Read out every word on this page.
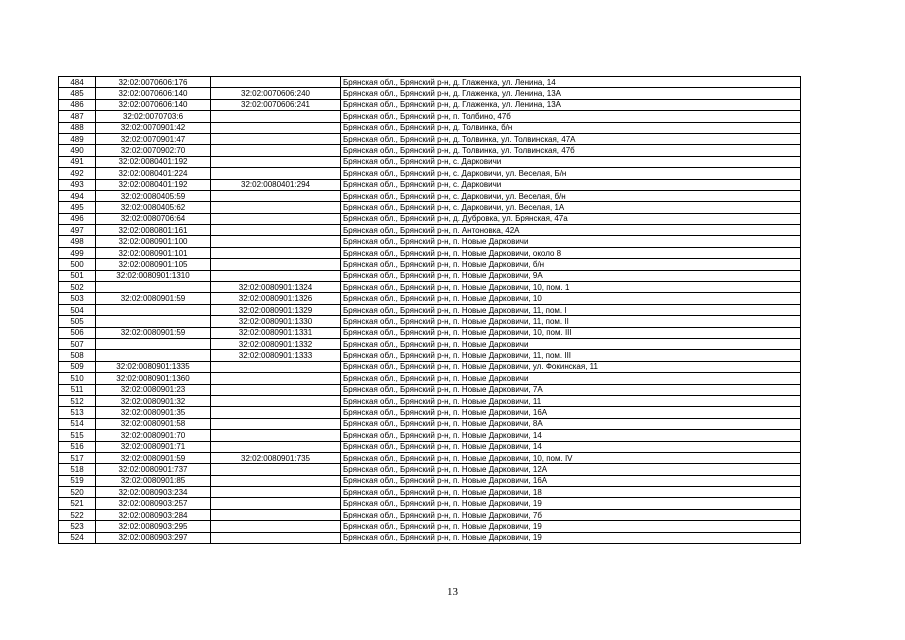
484	32:02:0070606:176		Брянская обл., Брянский р-н, д. Глаженка, ул. Ленина, 14
485	32:02:0070606:140	32:02:0070606:240	Брянская обл., Брянский р-н, д. Глаженка, ул. Ленина, 13А
486	32:02:0070606:140	32:02:0070606:241	Брянская обл., Брянский р-н, д. Глаженка, ул. Ленина, 13А
487	32:02:0070703:6		Брянская обл., Брянский р-н, п. Толбино, 47б
488	32:02:0070901:42		Брянская обл., Брянский р-н, д. Толвинка, б/н
489	32:02:0070901:47		Брянская обл., Брянский р-н, д. Толвинка, ул. Толвинская, 47А
490	32:02:0070902:70		Брянская обл., Брянский р-н, д. Толвинка, ул. Толвинская, 47б
491	32:02:0080401:192		Брянская обл., Брянский р-н, с. Дарковичи
492	32:02:0080401:224		Брянская обл., Брянский р-н, с. Дарковичи, ул. Веселая, Б/н
493	32:02:0080401:192	32:02:0080401:294	Брянская обл., Брянский р-н, с. Дарковичи
494	32:02:0080405:59		Брянская обл., Брянский р-н, с. Дарковичи, ул. Веселая, б/н
495	32:02:0080405:62		Брянская обл., Брянский р-н, с. Дарковичи, ул. Веселая, 1А
496	32:02:0080706:64		Брянская обл., Брянский р-н, д. Дубровка, ул. Брянская, 47а
497	32:02:0080801:161		Брянская обл., Брянский р-н, п. Антоновка, 42А
498	32:02:0080901:100		Брянская обл., Брянский р-н, п. Новые Дарковичи
499	32:02:0080901:101		Брянская обл., Брянский р-н, п. Новые Дарковичи, около 8
500	32:02:0080901:105		Брянская обл., Брянский р-н, п. Новые Дарковичи, б/н
501	32:02:0080901:1310		Брянская обл., Брянский р-н, п. Новые Дарковичи, 9А
502		32:02:0080901:1324	Брянская обл., Брянский р-н, п. Новые Дарковичи, 10, пом. 1
503	32:02:0080901:59	32:02:0080901:1326	Брянская обл., Брянский р-н, п. Новые Дарковичи, 10
504		32:02:0080901:1329	Брянская обл., Брянский р-н, п. Новые Дарковичи, 11, пом. I
505		32:02:0080901:1330	Брянская обл., Брянский р-н, п. Новые Дарковичи, 11, пом. II
506	32:02:0080901:59	32:02:0080901:1331	Брянская обл., Брянский р-н, п. Новые Дарковичи, 10, пом. III
507		32:02:0080901:1332	Брянская обл., Брянский р-н, п. Новые Дарковичи
508		32:02:0080901:1333	Брянская обл., Брянский р-н, п. Новые Дарковичи, 11, пом. III
509	32:02:0080901:1335		Брянская обл., Брянский р-н, п. Новые Дарковичи, ул. Фокинская, 11
510	32:02:0080901:1360		Брянская обл., Брянский р-н, п. Новые Дарковичи
511	32:02:0080901:23		Брянская обл., Брянский р-н, п. Новые Дарковичи, 7А
512	32:02:0080901:32		Брянская обл., Брянский р-н, п. Новые Дарковичи, 11
513	32:02:0080901:35		Брянская обл., Брянский р-н, п. Новые Дарковичи, 16А
514	32:02:0080901:58		Брянская обл., Брянский р-н, п. Новые Дарковичи, 8А
515	32:02:0080901:70		Брянская обл., Брянский р-н, п. Новые Дарковичи, 14
516	32:02:0080901:71		Брянская обл., Брянский р-н, п. Новые Дарковичи, 14
517	32:02:0080901:59	32:02:0080901:735	Брянская обл., Брянский р-н, п. Новые Дарковичи, 10, пом. IV
518	32:02:0080901:737		Брянская обл., Брянский р-н, п. Новые Дарковичи, 12А
519	32:02:0080901:85		Брянская обл., Брянский р-н, п. Новые Дарковичи, 16А
520	32:02:0080903:234		Брянская обл., Брянский р-н, п. Новые Дарковичи, 18
521	32:02:0080903:257		Брянская обл., Брянский р-н, п. Новые Дарковичи, 19
522	32:02:0080903:284		Брянская обл., Брянский р-н, п. Новые Дарковичи, 7б
523	32:02:0080903:295		Брянская обл., Брянский р-н, п. Новые Дарковичи, 19
524	32:02:0080903:297		Брянская обл., Брянский р-н, п. Новые Дарковичи, 19
13
